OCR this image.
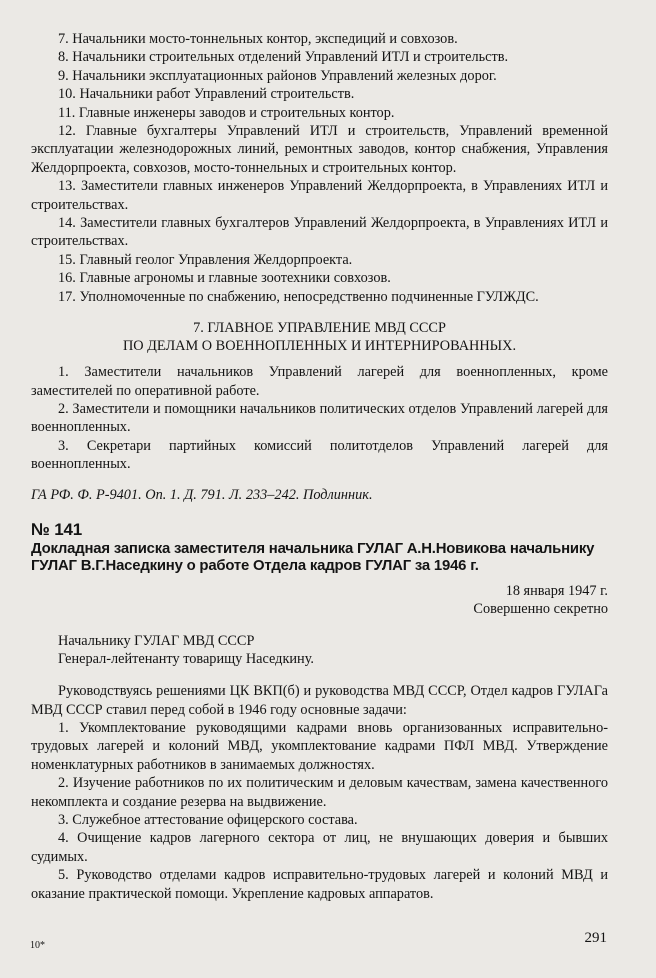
7. Начальники мосто-тоннельных контор, экспедиций и совхозов.

8. Начальники строительных отделений Управлений ИТЛ и строительств.

9. Начальники эксплуатационных районов Управлений железных дорог.

10. Начальники работ Управлений строительств.

11. Главные инженеры заводов и строительных контор.

12. Главные бухгалтеры Управлений ИТЛ и строительств, Управлений временной эксплуатации железнодорожных линий, ремонтных заводов, контор снабжения, Управления Желдорпроекта, совхозов, мосто-тоннельных и строительных контор.

13. Заместители главных инженеров Управлений Желдорпроекта, в Управлениях ИТЛ и строительствах.

14. Заместители главных бухгалтеров Управлений Желдорпроекта, в Управлениях ИТЛ и строительствах.

15. Главный геолог Управления Желдорпроекта.

16. Главные агрономы и главные зоотехники совхозов.

17. Уполномоченные по снабжению, непосредственно подчиненные ГУЛЖДС.

7. ГЛАВНОЕ УПРАВЛЕНИЕ МВД СССР
ПО ДЕЛАМ О ВОЕННОПЛЕННЫХ И ИНТЕРНИРОВАННЫХ.

1. Заместители начальников Управлений лагерей для военнопленных, кроме заместителей по оперативной работе.

2. Заместители и помощники начальников политических отделов Управлений лагерей для военнопленных.

3. Секретари партийных комиссий политотделов Управлений лагерей для военнопленных.

ГА РФ. Ф. Р-9401. Оп. 1. Д. 791. Л. 233–242. Подлинник.
№ 141
Докладная записка заместителя начальника ГУЛАГ А.Н.Новикова начальнику ГУЛАГ В.Г.Наседкину о работе Отдела кадров ГУЛАГ за 1946 г.
18 января 1947 г.
Совершенно секретно
Начальнику ГУЛАГ МВД СССР
Генерал-лейтенанту товарищу Наседкину.

Руководствуясь решениями ЦК ВКП(б) и руководства МВД СССР, Отдел кадров ГУЛАГа МВД СССР ставил перед собой в 1946 году основные задачи:

1. Укомплектование руководящими кадрами вновь организованных исправительно-трудовых лагерей и колоний МВД, укомплектование кадрами ПФЛ МВД. Утверждение номенклатурных работников в занимаемых должностях.

2. Изучение работников по их политическим и деловым качествам, замена качественного некомплекта и создание резерва на выдвижение.

3. Служебное аттестование офицерского состава.

4. Очищение кадров лагерного сектора от лиц, не внушающих доверия и бывших судимых.

5. Руководство отделами кадров исправительно-трудовых лагерей и колоний МВД и оказание практической помощи. Укрепление кадровых аппаратов.

10*	291
